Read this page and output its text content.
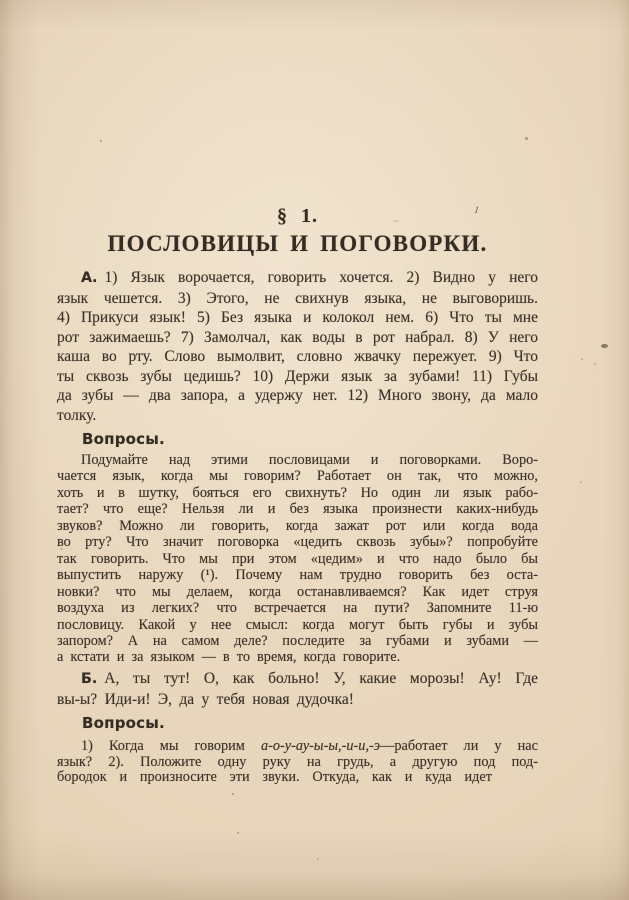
1
§ 1.
ПОСЛОВИЦЫ И ПОГОВОРКИ.
А. 1) Язык ворочается, говорить хочется. 2) Видно у него
язык чешется. 3) Этого, не свихнув языка, не выговоришь.
4) Прикуси язык! 5) Без языка и колокол нем. 6) Что ты мне
рот зажимаешь? 7) Замолчал, как воды в рот набрал. 8) У него
каша во рту. Слово вымолвит, словно жвачку пережует. 9) Что
ты сквозь зубы цедишь? 10) Держи язык за зубами! 11) Губы
да зубы — два запора, а удержу нет. 12) Много звону, да мало
толку.
Вопросы.
Подумайте над этими пословицами и поговорками. Воро-
чается язык, когда мы говорим? Работает он так, что можно,
хоть и в шутку, бояться его свихнуть? Но один ли язык рабо-
тает? что еще? Нельзя ли и без языка произнести каких-нибудь
звуков? Можно ли говорить, когда зажат рот или когда вода
во рту? Что значит поговорка «цедить сквозь зубы»? попробуйте
так говорить. Что мы при этом «цедим» и что надо было бы
выпустить наружу (¹). Почему нам трудно говорить без оста-
новки? что мы делаем, когда останавливаемся? Как идет струя
воздуха из легких? что встречается на пути? Запомните 11-ю
пословицу. Какой у нее смысл: когда могут быть губы и зубы
запором? А на самом деле? последите за губами и зубами —
а кстати и за языком — в то время, когда говорите.
Б. А, ты тут! О, как больно! У, какие морозы! Ау! Где
вы-ы? Иди-и! Э, да у тебя новая дудочка!
Вопросы.
1) Когда мы говорим а-о-у-ау-ы-ы,-и-и,-э—работает ли у нас
язык? 2). Положите одну руку на грудь, а другую под под-
бородок и произносите эти звуки. Откуда, как и куда идет
